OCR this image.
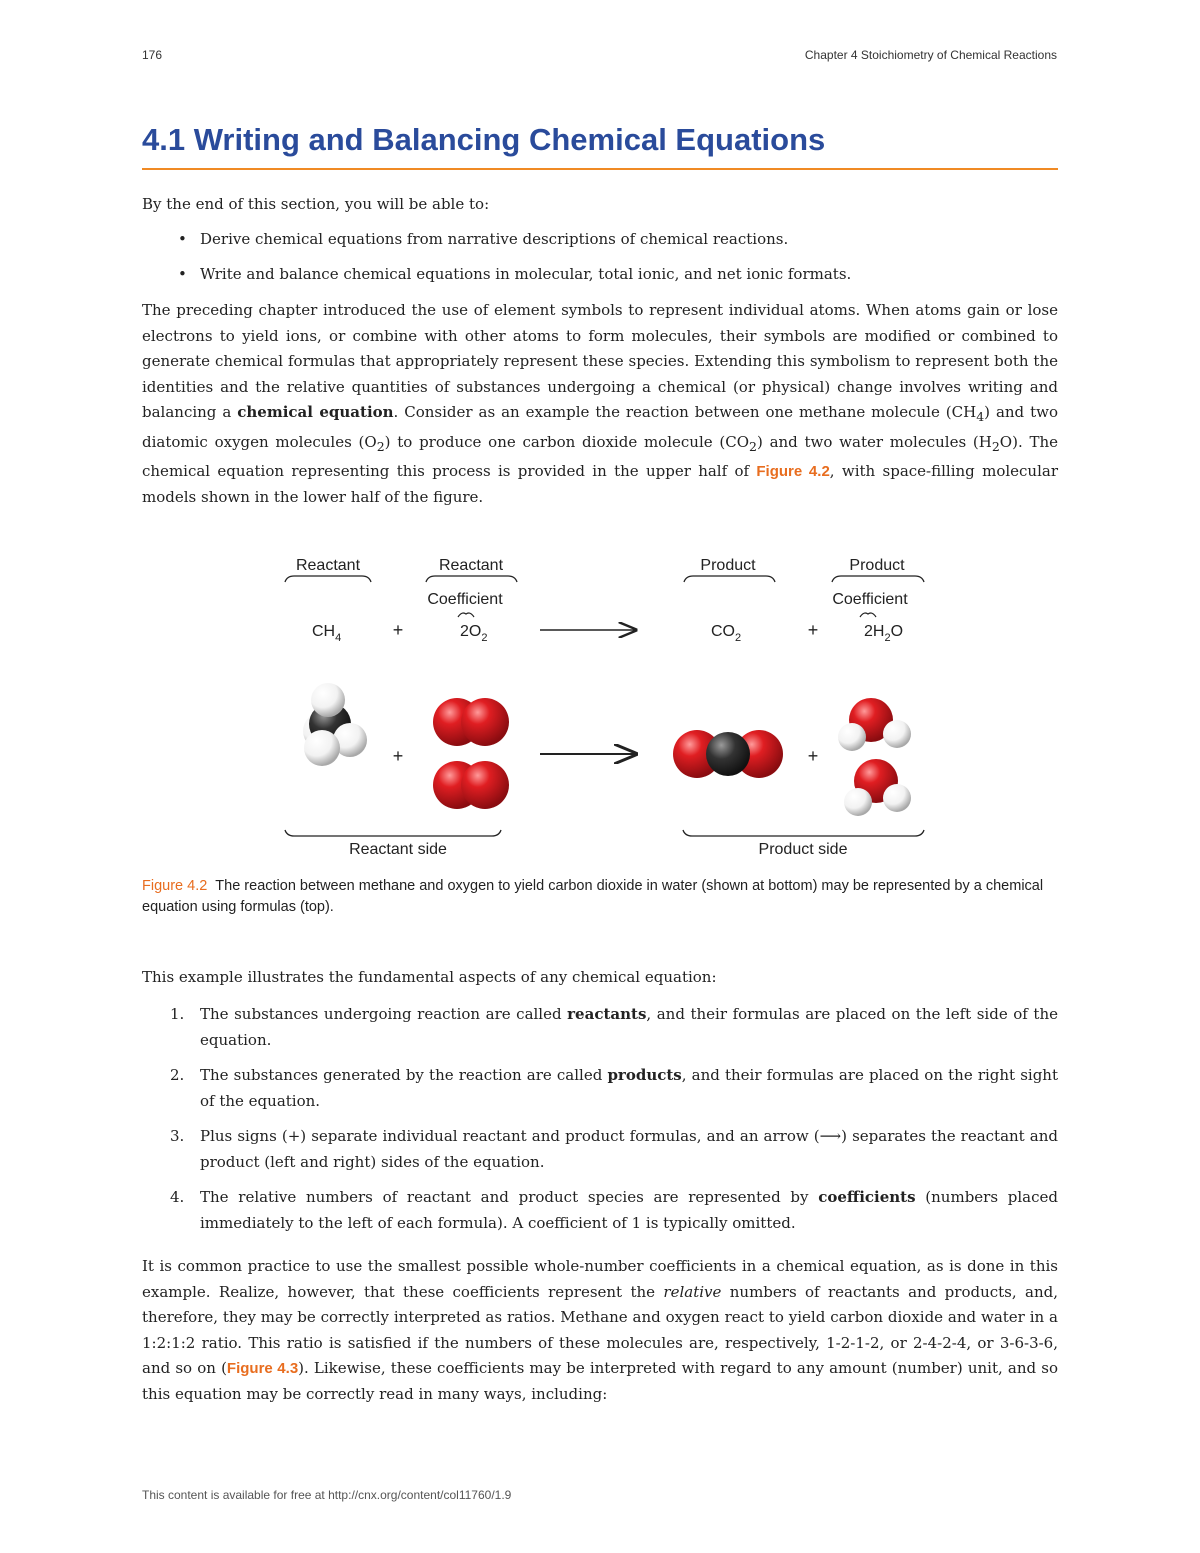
176	Chapter 4 Stoichiometry of Chemical Reactions
4.1 Writing and Balancing Chemical Equations

By the end of this section, you will be able to:

• Derive chemical equations from narrative descriptions of chemical reactions.
• Write and balance chemical equations in molecular, total ionic, and net ionic formats.

The preceding chapter introduced the use of element symbols to represent individual atoms. When atoms gain or lose electrons to yield ions, or combine with other atoms to form molecules, their symbols are modified or combined to generate chemical formulas that appropriately represent these species. Extending this symbolism to represent both the identities and the relative quantities of substances undergoing a chemical (or physical) change involves writing and balancing a chemical equation. Consider as an example the reaction between one methane molecule $(CH_4)$ and two diatomic oxygen molecules $(O_2)$ to produce one carbon dioxide molecule $(CO_2)$ and two water molecules $(H_2O)$. The chemical equation representing this process is provided in the upper half of Figure 4.2, with space-filling molecular models shown in the lower half of the figure.

Reactant	Reactant	Product	Product
Coefficient	Coefficient
$CH_4$	+	$2O_2$	$CO_2$	+	$2H_2O$
+	+
Reactant side	Product side
Figure 4.2 The reaction between methane and oxygen to yield carbon dioxide in water (shown at bottom) may be represented by a chemical equation using formulas (top).

This example illustrates the fundamental aspects of any chemical equation:

1. The substances undergoing reaction are called reactants, and their formulas are placed on the left side of the equation.
2. The substances generated by the reaction are called products, and their formulas are placed on the right sight of the equation.
3. Plus signs (+) separate individual reactant and product formulas, and an arrow (⟶) separates the reactant and product (left and right) sides of the equation.
4. The relative numbers of reactant and product species are represented by coefficients (numbers placed immediately to the left of each formula). A coefficient of 1 is typically omitted.

It is common practice to use the smallest possible whole-number coefficients in a chemical equation, as is done in this example. Realize, however, that these coefficients represent the relative numbers of reactants and products, and, therefore, they may be correctly interpreted as ratios. Methane and oxygen react to yield carbon dioxide and water in a 1:2:1:2 ratio. This ratio is satisfied if the numbers of these molecules are, respectively, 1-2-1-2, or 2-4-2-4, or 3-6-3-6, and so on (Figure 4.3). Likewise, these coefficients may be interpreted with regard to any amount (number) unit, and so this equation may be correctly read in many ways, including:

This content is available for free at http://cnx.org/content/col11760/1.9
